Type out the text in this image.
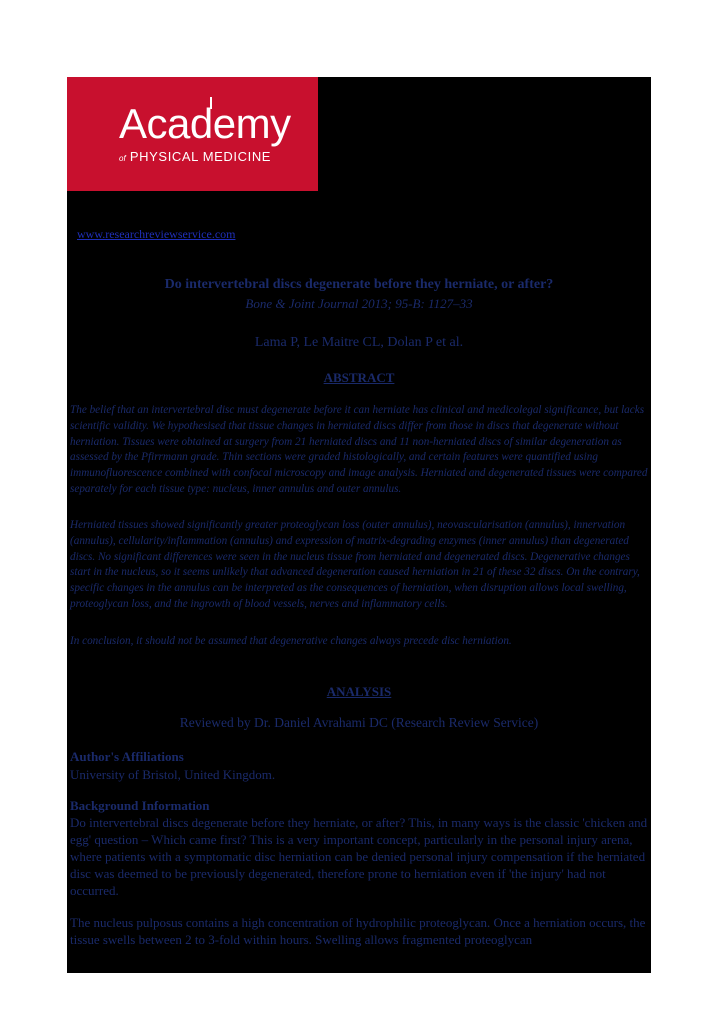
Academy
of PHYSICAL MEDICINE
www.researchreviewservice.com
Do intervertebral discs degenerate before they herniate, or after?
Bone & Joint Journal 2013; 95-B: 1127–33
Lama P, Le Maitre CL, Dolan P et al.
ABSTRACT

The belief that an intervertebral disc must degenerate before it can herniate has clinical and medicolegal significance, but lacks scientific validity. We hypothesised that tissue changes in herniated discs differ from those in discs that degenerate without herniation. Tissues were obtained at surgery from 21 herniated discs and 11 non-herniated discs of similar degeneration as assessed by the Pfirrmann grade. Thin sections were graded histologically, and certain features were quantified using immunofluorescence combined with confocal microscopy and image analysis. Herniated and degenerated tissues were compared separately for each tissue type: nucleus, inner annulus and outer annulus.

Herniated tissues showed significantly greater proteoglycan loss (outer annulus), neovascularisation (annulus), innervation (annulus), cellularity/inflammation (annulus) and expression of matrix-degrading enzymes (inner annulus) than degenerated discs. No significant differences were seen in the nucleus tissue from herniated and degenerated discs. Degenerative changes start in the nucleus, so it seems unlikely that advanced degeneration caused herniation in 21 of these 32 discs. On the contrary, specific changes in the annulus can be interpreted as the consequences of herniation, when disruption allows local swelling, proteoglycan loss, and the ingrowth of blood vessels, nerves and inflammatory cells.

In conclusion, it should not be assumed that degenerative changes always precede disc herniation.

ANALYSIS
Reviewed by Dr. Daniel Avrahami DC (Research Review Service)
Author's Affiliations
University of Bristol, United Kingdom.
Background Information

Do intervertebral discs degenerate before they herniate, or after? This, in many ways is the classic 'chicken and egg' question – Which came first? This is a very important concept, particularly in the personal injury arena, where patients with a symptomatic disc herniation can be denied personal injury compensation if the herniated disc was deemed to be previously degenerated, therefore prone to herniation even if 'the injury' had not occurred.

The nucleus pulposus contains a high concentration of hydrophilic proteoglycan. Once a herniation occurs, the tissue swells between 2 to 3-fold within hours. Swelling allows fragmented proteoglycan
